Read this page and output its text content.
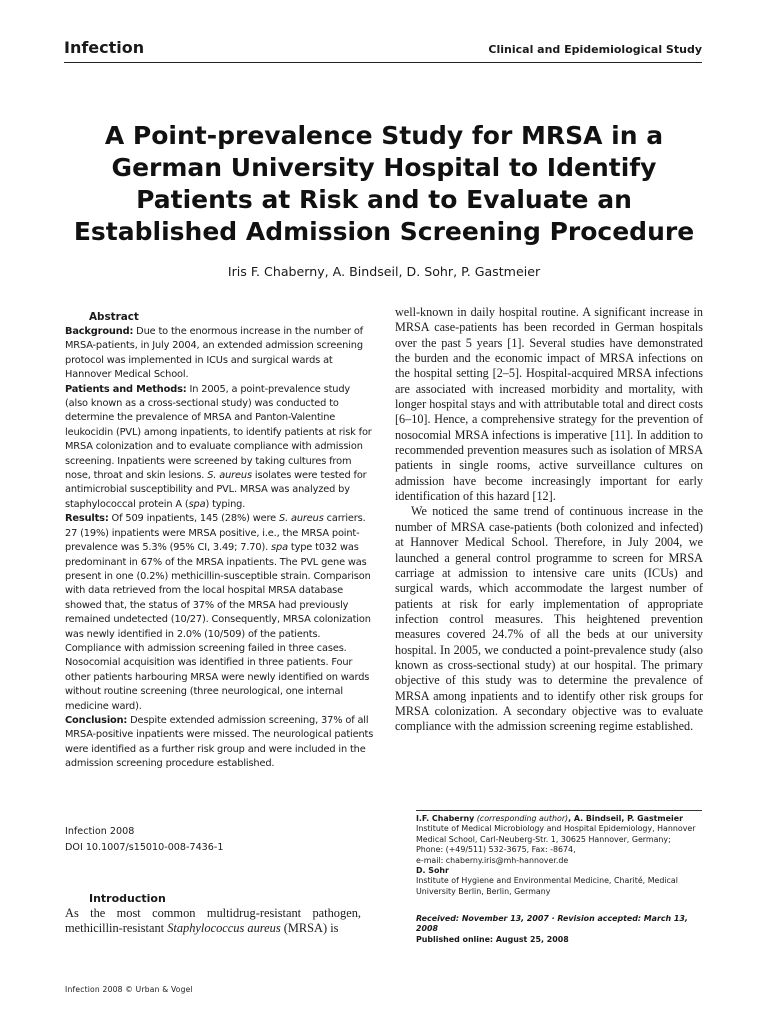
Infection	Clinical and Epidemiological Study
A Point-prevalence Study for MRSA in a German University Hospital to Identify Patients at Risk and to Evaluate an Established Admission Screening Procedure
Iris F. Chaberny, A. Bindseil, D. Sohr, P. Gastmeier
Abstract

Background: Due to the enormous increase in the number of MRSA-patients, in July 2004, an extended admission screening protocol was implemented in ICUs and surgical wards at Hannover Medical School.

Patients and Methods: In 2005, a point-prevalence study (also known as a cross-sectional study) was conducted to determine the prevalence of MRSA and Panton-Valentine leukocidin (PVL) among inpatients, to identify patients at risk for MRSA colonization and to evaluate compliance with admission screening. Inpatients were screened by taking cultures from nose, throat and skin lesions. S. aureus isolates were tested for antimicrobial susceptibility and PVL. MRSA was analyzed by staphylococcal protein A (spa) typing.

Results: Of 509 inpatients, 145 (28%) were S. aureus carriers. 27 (19%) inpatients were MRSA positive, i.e., the MRSA point-prevalence was 5.3% (95% CI, 3.49; 7.70). spa type t032 was predominant in 67% of the MRSA inpatients. The PVL gene was present in one (0.2%) methicillin-susceptible strain. Comparison with data retrieved from the local hospital MRSA database showed that, the status of 37% of the MRSA had previously remained undetected (10/27). Consequently, MRSA colonization was newly identified in 2.0% (10/509) of the patients. Compliance with admission screening failed in three cases. Nosocomial acquisition was identified in three patients. Four other patients harbouring MRSA were newly identified on wards without routine screening (three neurological, one internal medicine ward).

Conclusion: Despite extended admission screening, 37% of all MRSA-positive inpatients were missed. The neurological patients were identified as a further risk group and were included in the admission screening procedure established.

Infection 2008
DOI 10.1007/s15010-008-7436-1
Introduction
As the most common multidrug-resistant pathogen, methicillin-resistant Staphylococcus aureus (MRSA) is
Infection 2008 © Urban & Vogel

well-known in daily hospital routine. A significant increase in MRSA case-patients has been recorded in German hospitals over the past 5 years [1]. Several studies have demonstrated the burden and the economic impact of MRSA infections on the hospital setting [2–5]. Hospital-acquired MRSA infections are associated with increased morbidity and mortality, with longer hospital stays and with attributable total and direct costs [6–10]. Hence, a comprehensive strategy for the prevention of nosocomial MRSA infections is imperative [11]. In addition to recommended prevention measures such as isolation of MRSA patients in single rooms, active surveillance cultures on admission have become increasingly important for early identification of this hazard [12].

We noticed the same trend of continuous increase in the number of MRSA case-patients (both colonized and infected) at Hannover Medical School. Therefore, in July 2004, we launched a general control programme to screen for MRSA carriage at admission to intensive care units (ICUs) and surgical wards, which accommodate the largest number of patients at risk for early implementation of appropriate infection control measures. This heightened prevention measures covered 24.7% of all the beds at our university hospital. In 2005, we conducted a point-prevalence study (also known as cross-sectional study) at our hospital. The primary objective of this study was to determine the prevalence of MRSA among inpatients and to identify other risk groups for MRSA colonization. A secondary objective was to evaluate compliance with the admission screening regime established.

I.F. Chaberny (corresponding author), A. Bindseil, P. Gastmeier
Institute of Medical Microbiology and Hospital Epidemiology, Hannover Medical School, Carl-Neuberg-Str. 1, 30625 Hannover, Germany;
Phone: (+49/511) 532-3675, Fax: -8674,
e-mail: chaberny.iris@mh-hannover.de
D. Sohr
Institute of Hygiene and Environmental Medicine, Charité, Medical University Berlin, Berlin, Germany
Received: November 13, 2007 · Revision accepted: March 13, 2008
Published online: August 25, 2008
